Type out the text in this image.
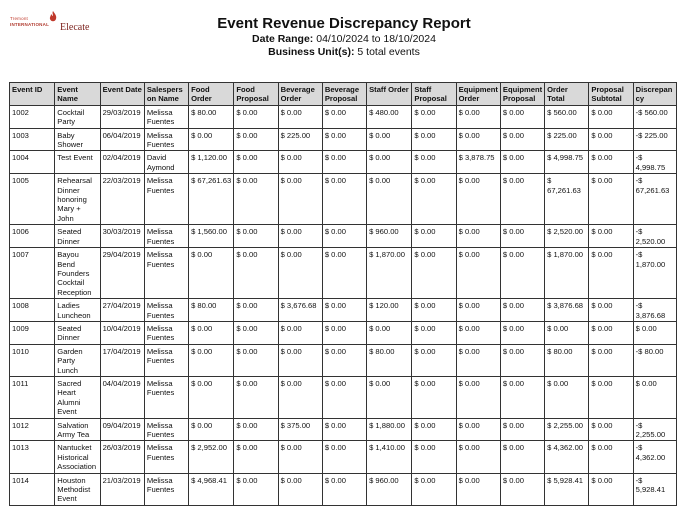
Tremont
INTERNATIONAL Elecate	Event Revenue Discrepancy Report
Date Range: 04/10/2024 to 18/10/2024
Business Unit(s): 5 total events
Event ID	Event Name	Event Date	Salesperson Name	Food Order	Food Proposal	Beverage Order	Beverage Proposal	Staff Order	Staff Proposal	Equipment Order	Equipment Proposal	Order Total	Proposal Subtotal	Discrepancy
1002	Cocktail Party	29/03/2019	Melissa Fuentes	$ 80.00	$ 0.00	$ 0.00	$ 0.00	$ 480.00	$ 0.00	$ 0.00	$ 0.00	$ 560.00	$ 0.00	-$ 560.00
1003	Baby Shower	06/04/2019	Melissa Fuentes	$ 0.00	$ 0.00	$ 225.00	$ 0.00	$ 0.00	$ 0.00	$ 0.00	$ 0.00	$ 225.00	$ 0.00	-$ 225.00
1004	Test Event	02/04/2019	David Aymond	$ 1,120.00	$ 0.00	$ 0.00	$ 0.00	$ 0.00	$ 0.00	$ 3,878.75	$ 0.00	$ 4,998.75	$ 0.00	-$ 4,998.75
1005	Rehearsal Dinner honoring Mary + John	22/03/2019	Melissa Fuentes	$ 67,261.63	$ 0.00	$ 0.00	$ 0.00	$ 0.00	$ 0.00	$ 0.00	$ 0.00	$ 67,261.63	$ 0.00	-$ 67,261.63
1006	Seated Dinner	30/03/2019	Melissa Fuentes	$ 1,560.00	$ 0.00	$ 0.00	$ 0.00	$ 960.00	$ 0.00	$ 0.00	$ 0.00	$ 2,520.00	$ 0.00	-$ 2,520.00
1007	Bayou Bend Founders Cocktail Reception	29/04/2019	Melissa Fuentes	$ 0.00	$ 0.00	$ 0.00	$ 0.00	$ 1,870.00	$ 0.00	$ 0.00	$ 0.00	$ 1,870.00	$ 0.00	-$ 1,870.00
1008	Ladies Luncheon	27/04/2019	Melissa Fuentes	$ 80.00	$ 0.00	$ 3,676.68	$ 0.00	$ 120.00	$ 0.00	$ 0.00	$ 0.00	$ 3,876.68	$ 0.00	-$ 3,876.68
1009	Seated Dinner	10/04/2019	Melissa Fuentes	$ 0.00	$ 0.00	$ 0.00	$ 0.00	$ 0.00	$ 0.00	$ 0.00	$ 0.00	$ 0.00	$ 0.00	$ 0.00
1010	Garden Party Lunch	17/04/2019	Melissa Fuentes	$ 0.00	$ 0.00	$ 0.00	$ 0.00	$ 80.00	$ 0.00	$ 0.00	$ 0.00	$ 80.00	$ 0.00	-$ 80.00
1011	Sacred Heart Alumni Event	04/04/2019	Melissa Fuentes	$ 0.00	$ 0.00	$ 0.00	$ 0.00	$ 0.00	$ 0.00	$ 0.00	$ 0.00	$ 0.00	$ 0.00	$ 0.00
1012	Salvation Army Tea	09/04/2019	Melissa Fuentes	$ 0.00	$ 0.00	$ 375.00	$ 0.00	$ 1,880.00	$ 0.00	$ 0.00	$ 0.00	$ 2,255.00	$ 0.00	-$ 2,255.00
1013	Nantucket Historical Association	26/03/2019	Melissa Fuentes	$ 2,952.00	$ 0.00	$ 0.00	$ 0.00	$ 1,410.00	$ 0.00	$ 0.00	$ 0.00	$ 4,362.00	$ 0.00	-$ 4,362.00
1014	Houston Methodist Event	21/03/2019	Melissa Fuentes	$ 4,968.41	$ 0.00	$ 0.00	$ 0.00	$ 960.00	$ 0.00	$ 0.00	$ 0.00	$ 5,928.41	$ 0.00	-$ 5,928.41
